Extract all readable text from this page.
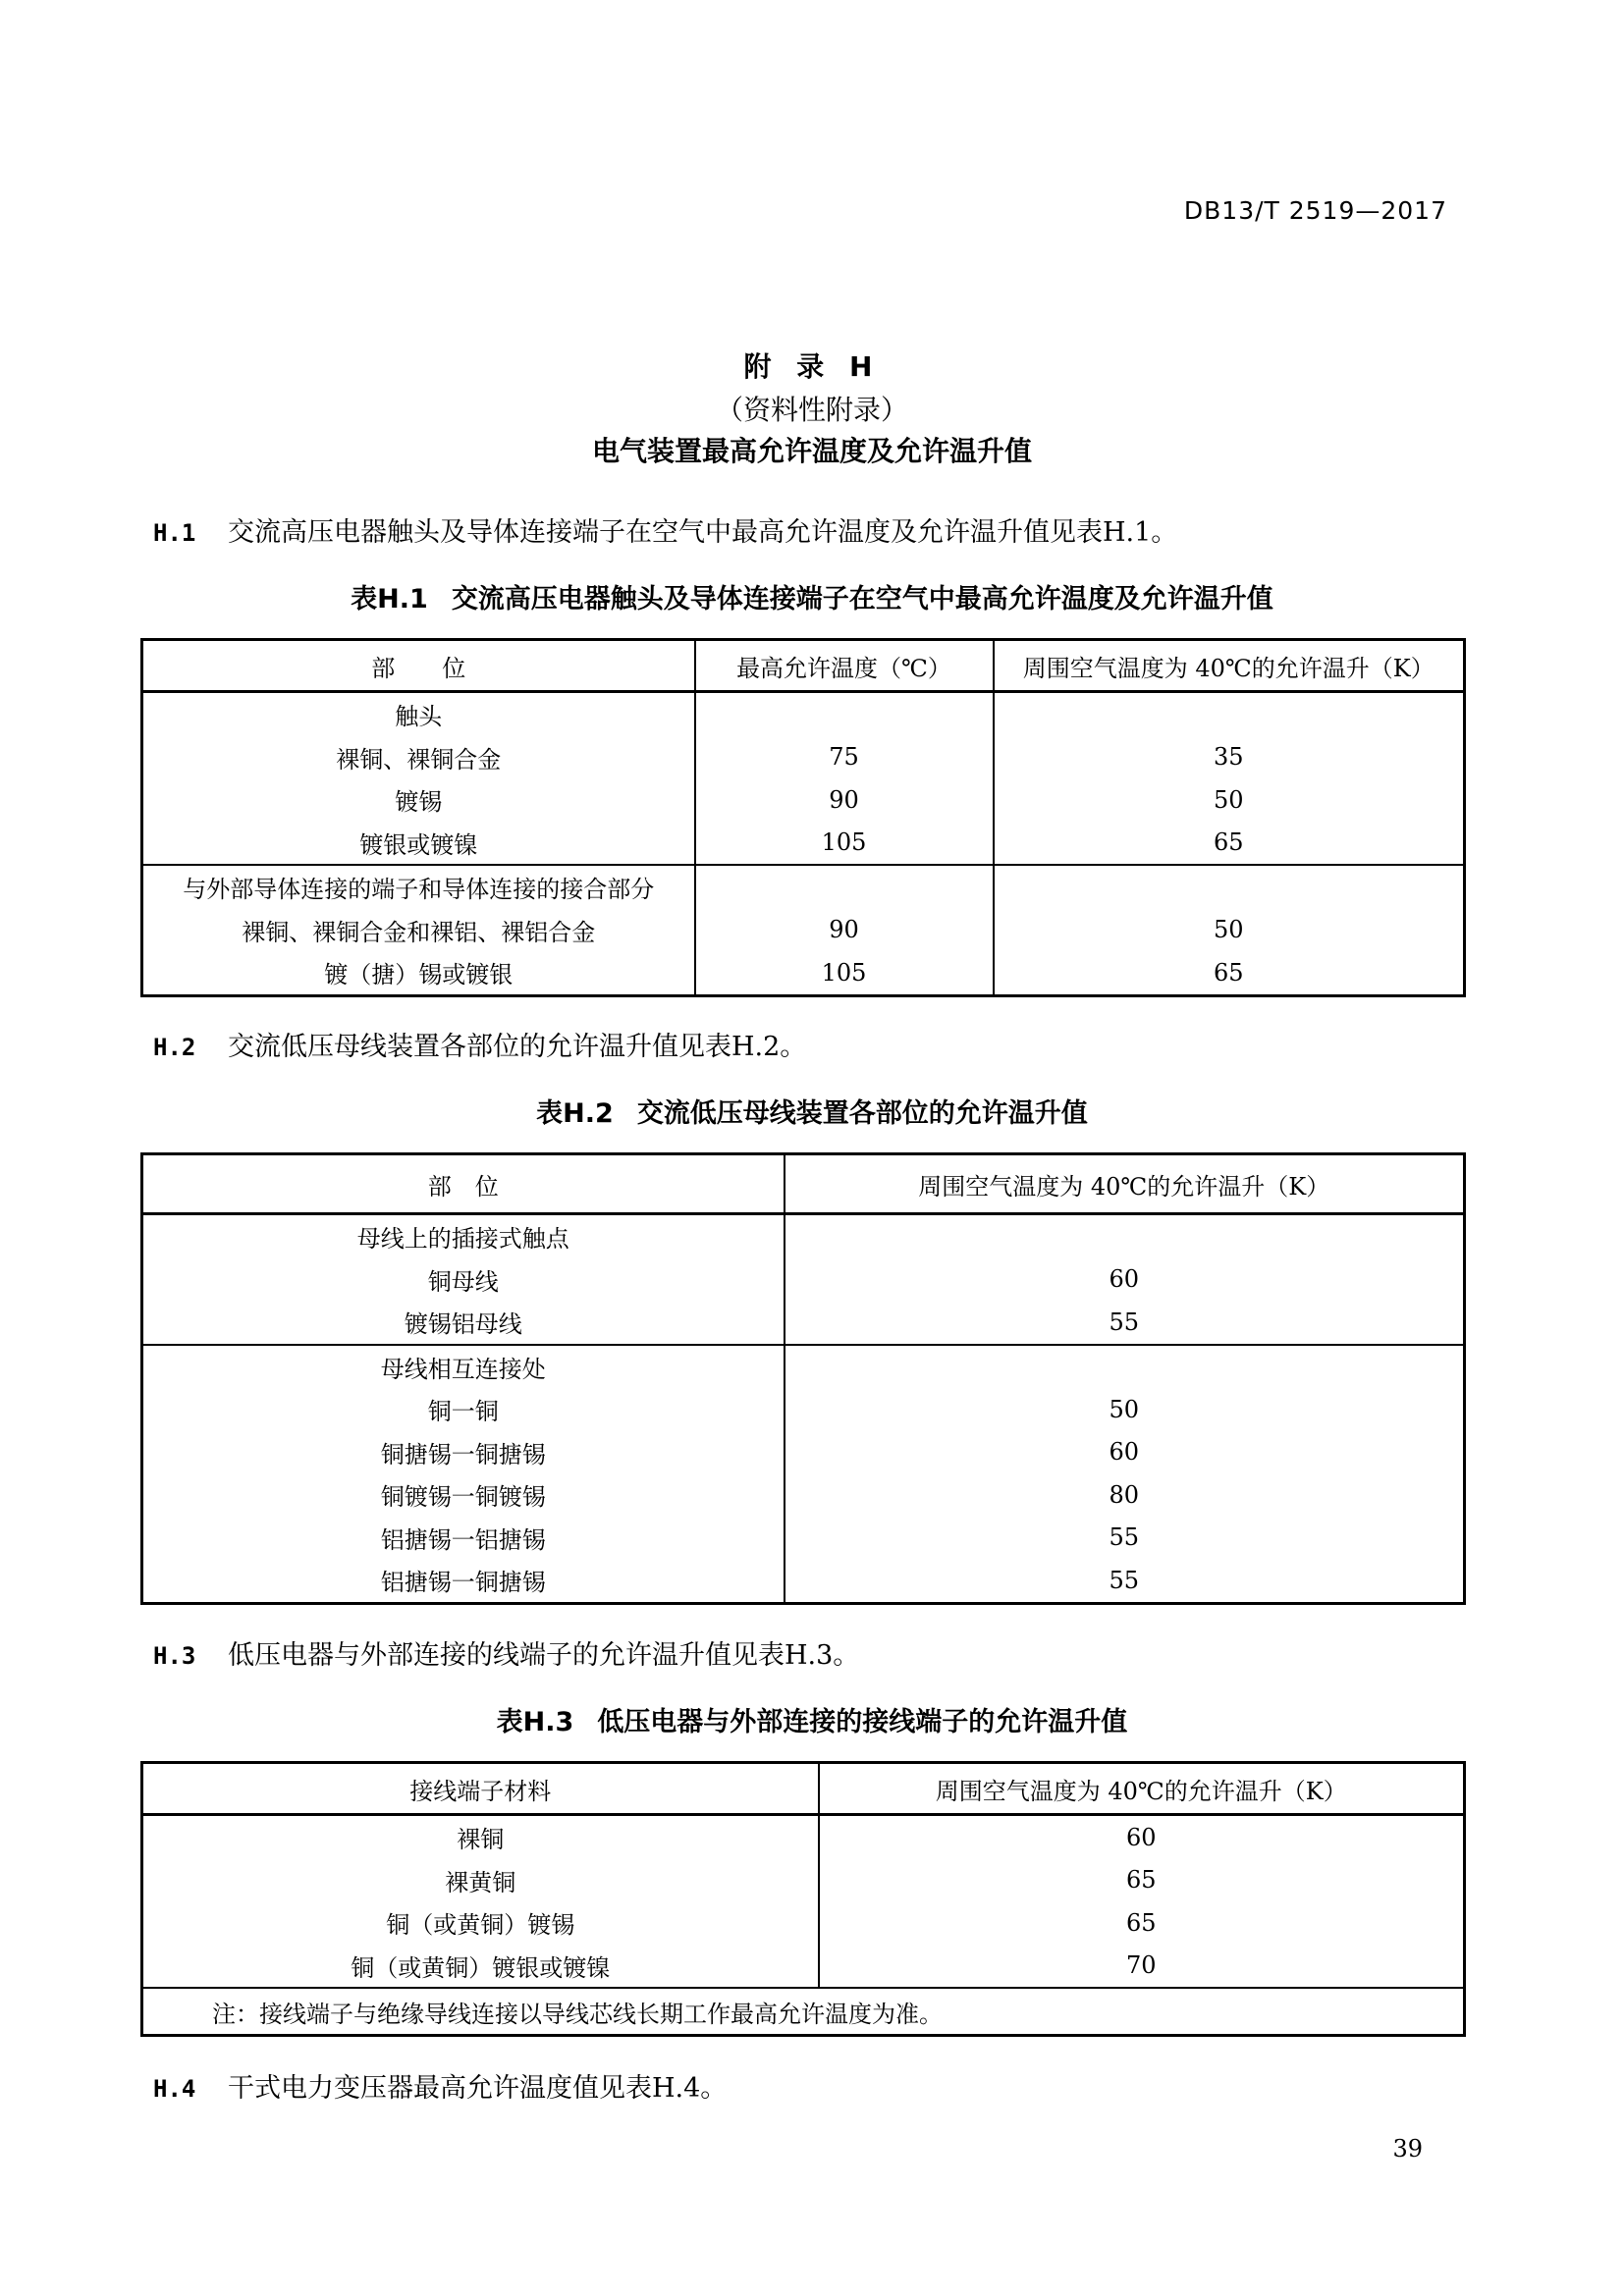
DB13/T 2519—2017
附 录 H
（资料性附录）
电气装置最高允许温度及允许温升值
H.1 交流高压电器触头及导体连接端子在空气中最高允许温度及允许温升值见表H.1。
表H.1 交流高压电器触头及导体连接端子在空气中最高允许温度及允许温升值
部　　位	最高允许温度（℃）	周围空气温度为 40℃的允许温升（K）
触头		
裸铜、裸铜合金	75	35
镀锡	90	50
镀银或镀镍	105	65
与外部导体连接的端子和导体连接的接合部分		
裸铜、裸铜合金和裸铝、裸铝合金	90	50
镀（搪）锡或镀银	105	65
H.2 交流低压母线装置各部位的允许温升值见表H.2。
表H.2 交流低压母线装置各部位的允许温升值
部　位	周围空气温度为 40℃的允许温升（K）
母线上的插接式触点	
铜母线	60
镀锡铝母线	55
母线相互连接处	
铜一铜	50
铜搪锡一铜搪锡	60
铜镀锡一铜镀锡	80
铝搪锡一铝搪锡	55
铝搪锡一铜搪锡	55
H.3 低压电器与外部连接的线端子的允许温升值见表H.3。
表H.3 低压电器与外部连接的接线端子的允许温升值
接线端子材料	周围空气温度为 40℃的允许温升（K）
裸铜	60
裸黄铜	65
铜（或黄铜）镀锡	65
铜（或黄铜）镀银或镀镍	70
注：接线端子与绝缘导线连接以导线芯线长期工作最高允许温度为准。	
H.4 干式电力变压器最高允许温度值见表H.4。
39
